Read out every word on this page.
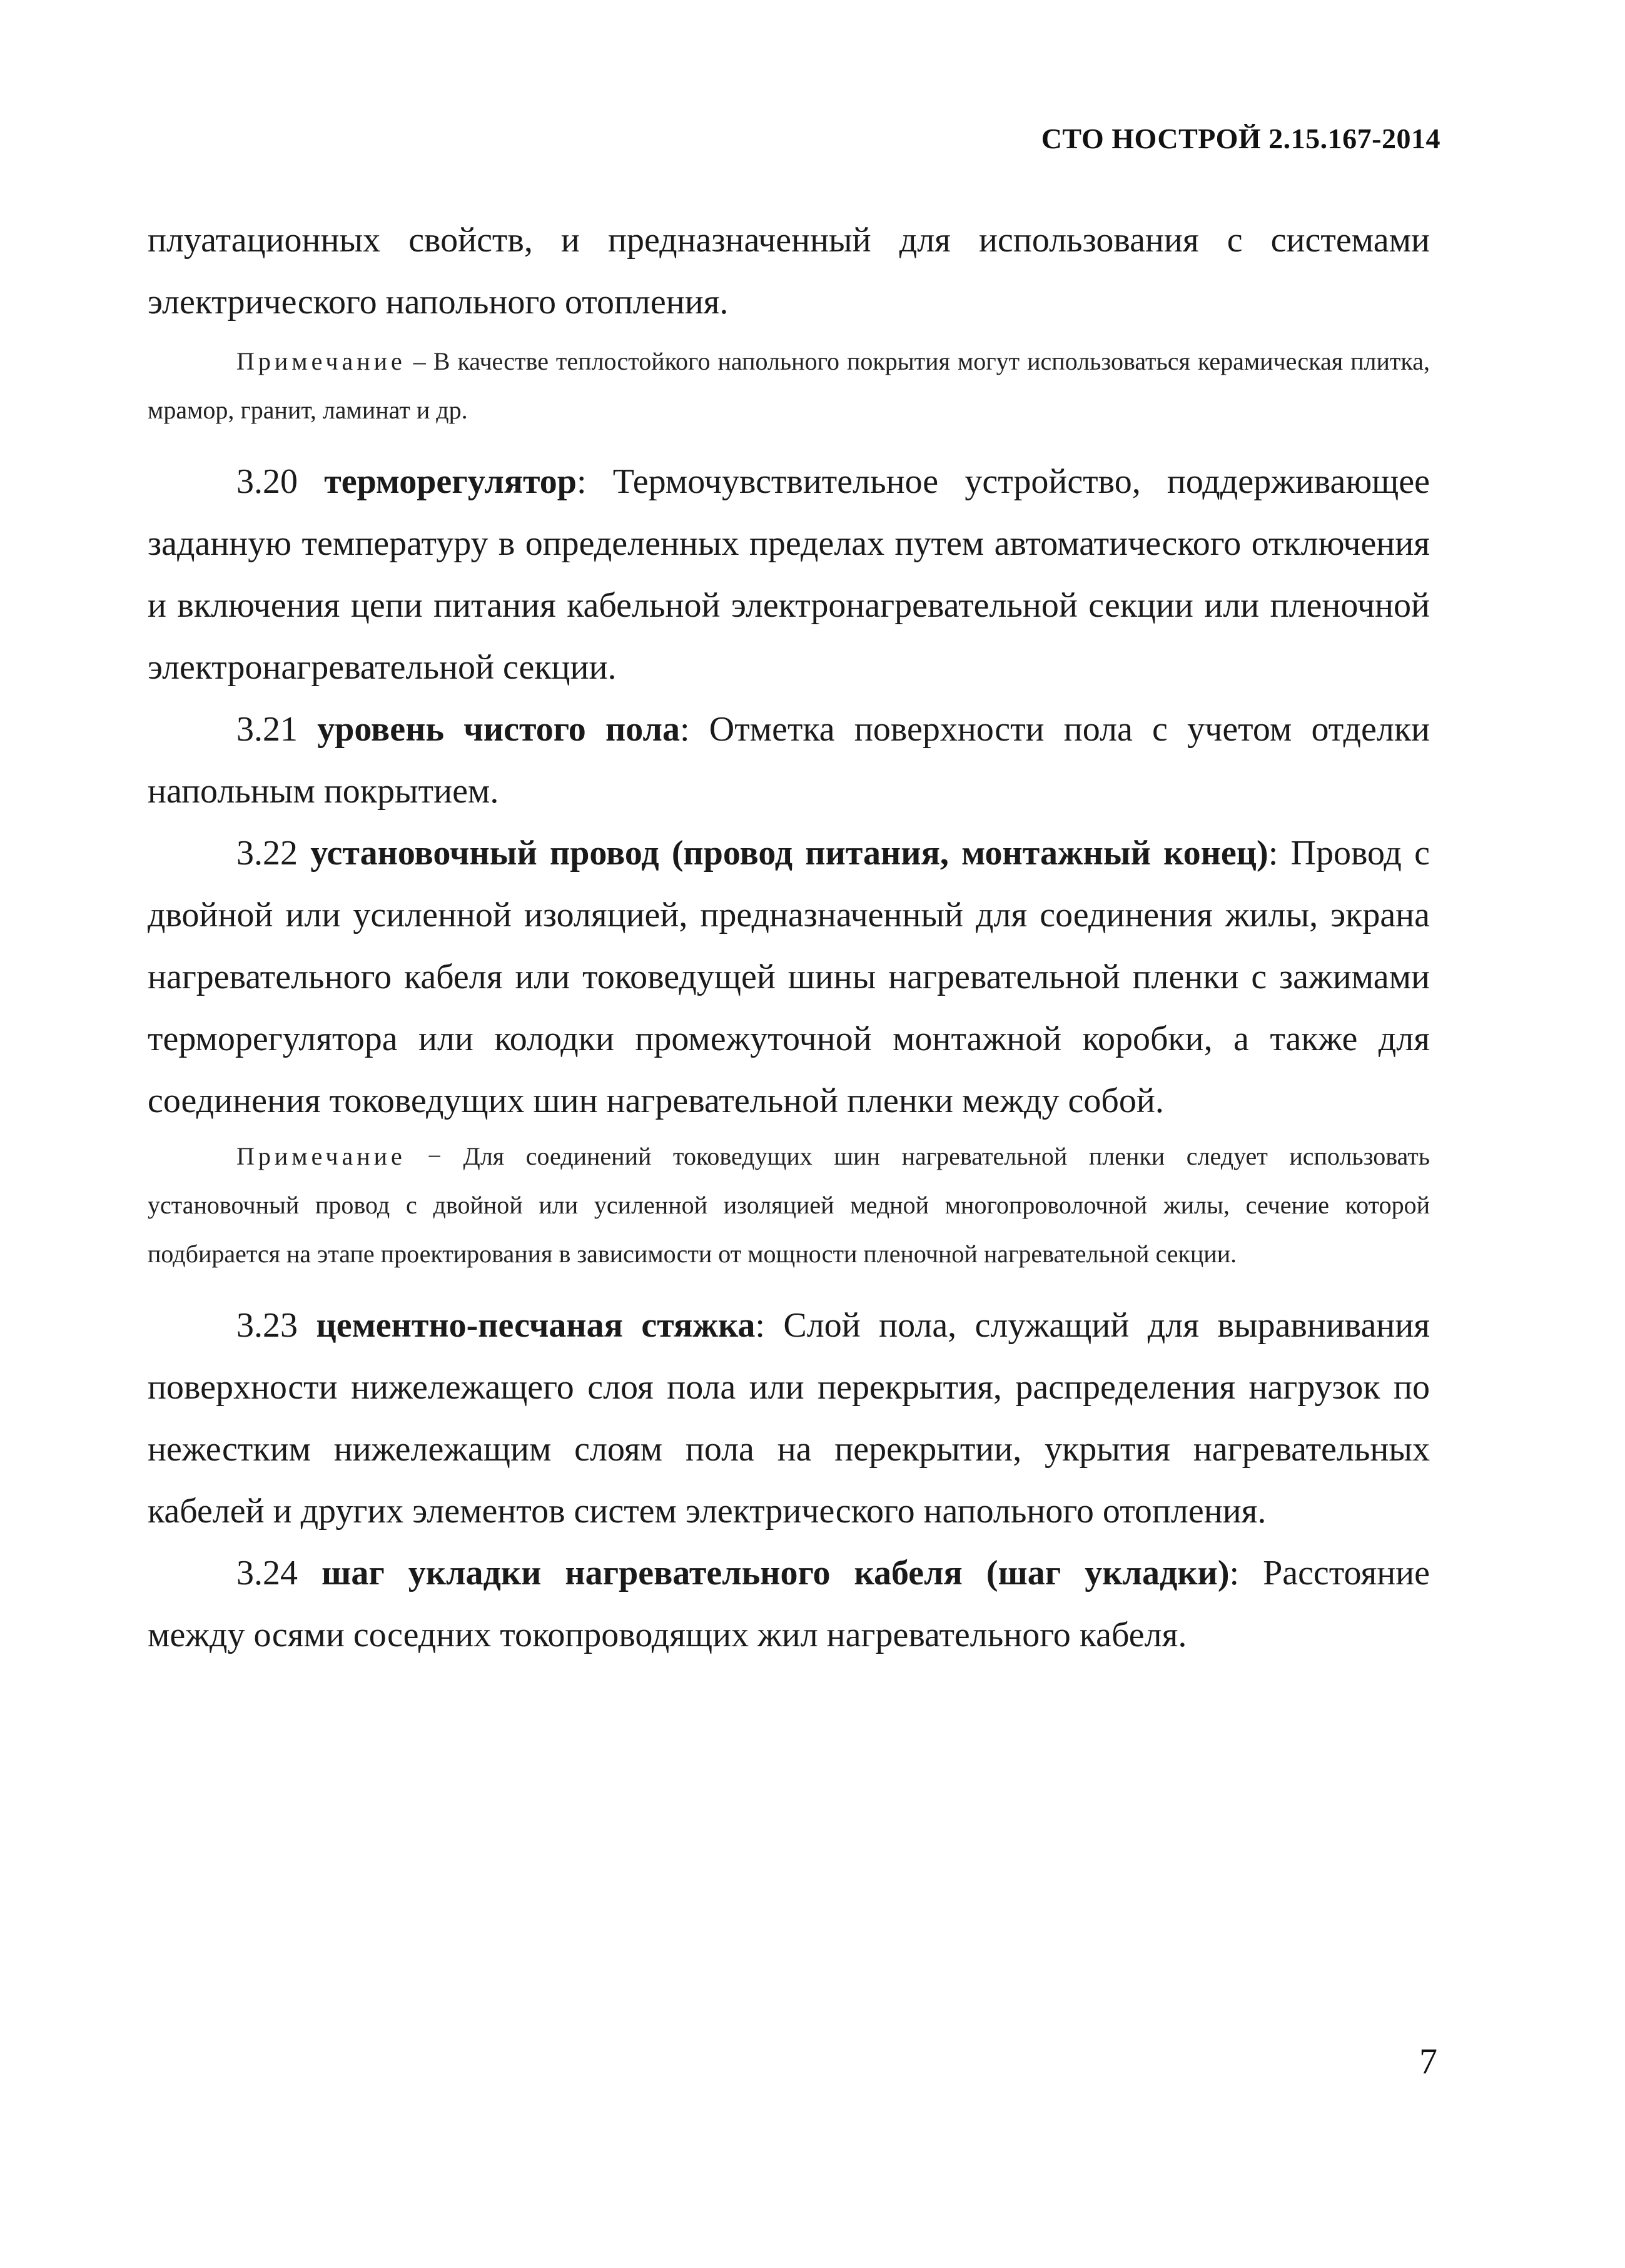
СТО НОСТРОЙ 2.15.167-2014

плуатационных свойств, и предназначенный для использования с системами электрического напольного отопления.

Примечание – В качестве теплостойкого напольного покрытия могут использоваться керамическая плитка, мрамор, гранит, ламинат и др.

3.20 терморегулятор: Термочувствительное устройство, поддерживающее заданную температуру в определенных пределах путем автоматического отключения и включения цепи питания кабельной электронагревательной секции или пленочной электронагревательной секции.

3.21 уровень чистого пола: Отметка поверхности пола с учетом отделки напольным покрытием.

3.22 установочный провод (провод питания, монтажный конец): Провод с двойной или усиленной изоляцией, предназначенный для соединения жилы, экрана нагревательного кабеля или токоведущей шины нагревательной пленки с зажимами терморегулятора или колодки промежуточной монтажной коробки, а также для соединения токоведущих шин нагревательной пленки между собой.

Примечание − Для соединений токоведущих шин нагревательной пленки следует использовать установочный провод с двойной или усиленной изоляцией медной многопроволочной жилы, сечение которой подбирается на этапе проектирования в зависимости от мощности пленочной нагревательной секции.

3.23 цементно-песчаная стяжка: Слой пола, служащий для выравнивания поверхности нижележащего слоя пола или перекрытия, распределения нагрузок по нежестким нижележащим слоям пола на перекрытии, укрытия нагревательных кабелей и других элементов систем электрического напольного отопления.

3.24 шаг укладки нагревательного кабеля (шаг укладки): Расстояние между осями соседних токопроводящих жил нагревательного кабеля.

7
